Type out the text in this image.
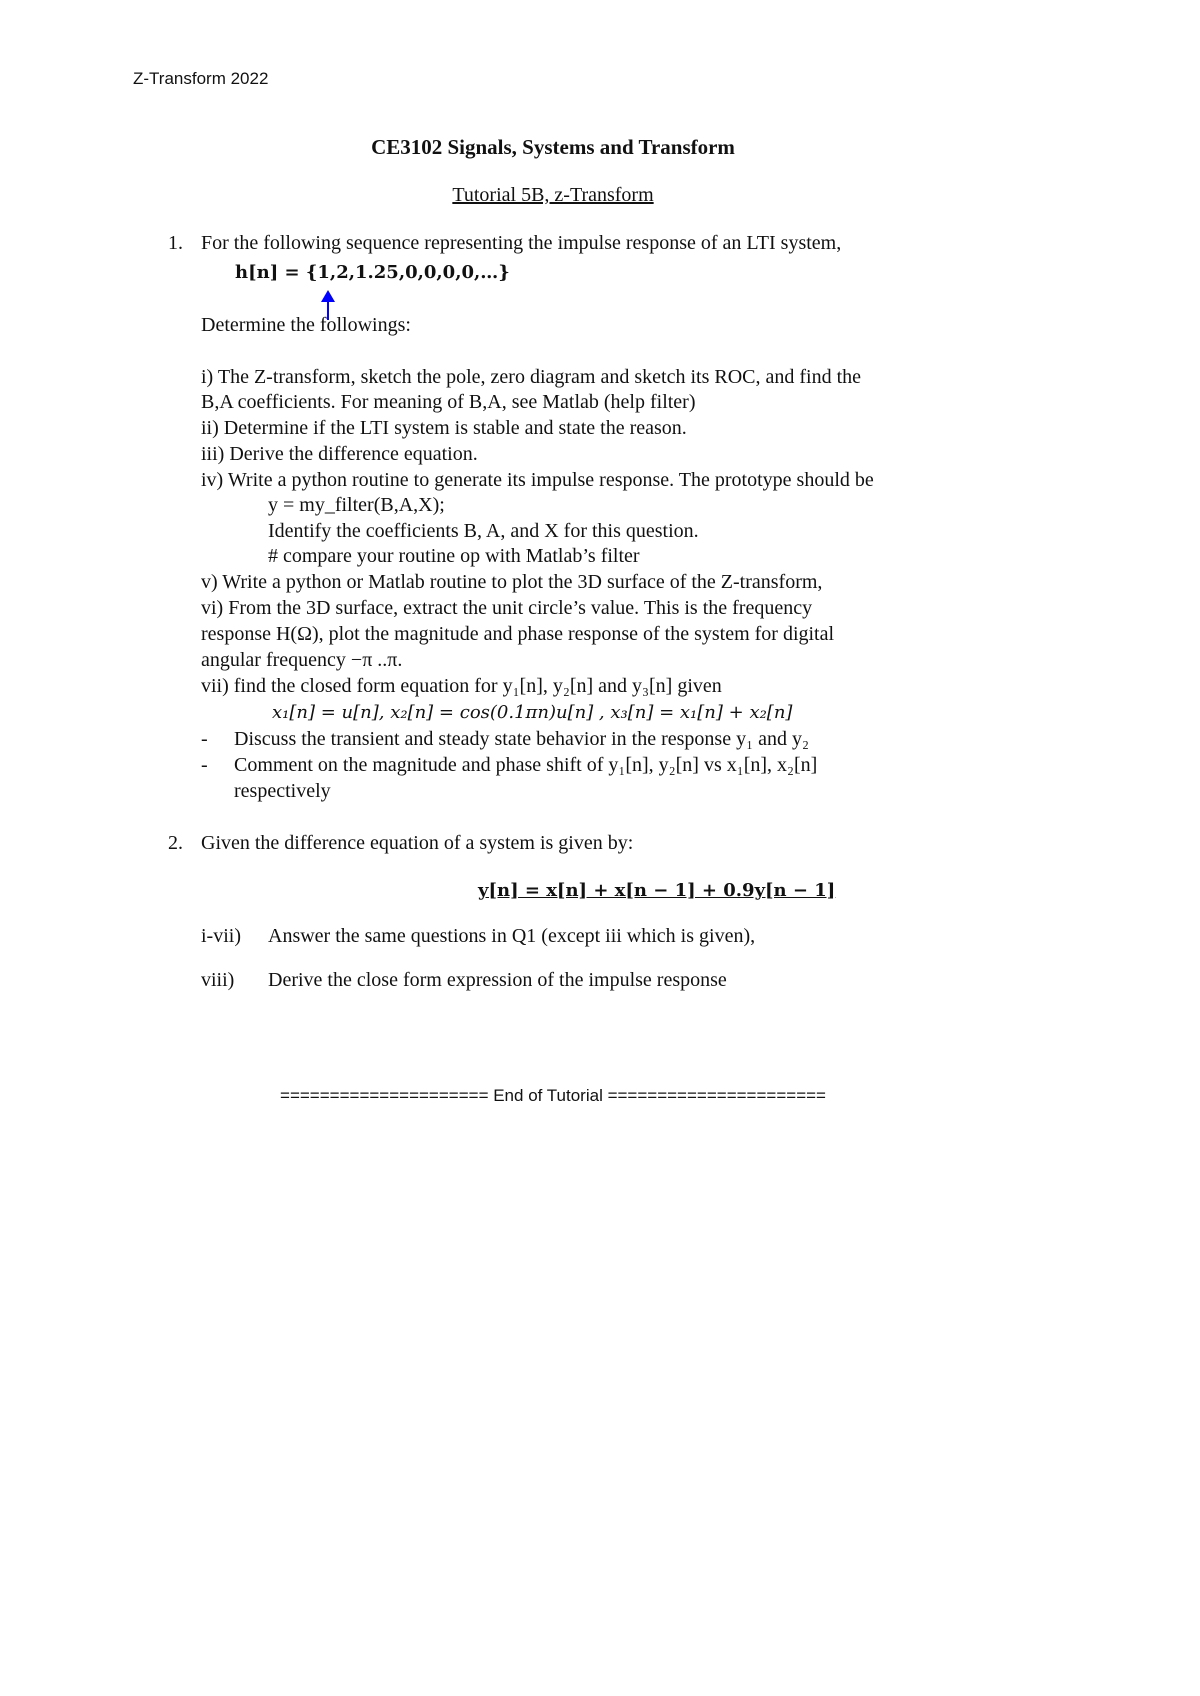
Z-Transform 2022
CE3102 Signals, Systems and Transform
Tutorial 5B, z-Transform
1. For the following sequence representing the impulse response of an LTI system,
h[n] = {1,2,1.25,0,0,0,0,…}
Determine the followings:
i) The Z-transform, sketch the pole, zero diagram and sketch its ROC, and find the
B,A coefficients. For meaning of B,A, see Matlab (help filter)
ii) Determine if the LTI system is stable and state the reason.
iii) Derive the difference equation.
iv) Write a python routine to generate its impulse response. The prototype should be
y = my_filter(B,A,X);
Identify the coefficients B, A, and X for this question.
# compare your routine op with Matlab’s filter
v) Write a python or Matlab routine to plot the 3D surface of the Z-transform,
vi) From the 3D surface, extract the unit circle’s value. This is the frequency
response H(Ω), plot the magnitude and phase response of the system for digital
angular frequency −π ..π.
vii) find the closed form equation for y₁[n], y₂[n] and y₃[n] given
x₁[n] = u[n], x₂[n] = cos(0.1πn)u[n] , x₃[n] = x₁[n] + x₂[n]
- Discuss the transient and steady state behavior in the response y₁ and y₂
- Comment on the magnitude and phase shift of y₁[n], y₂[n] vs x₁[n], x₂[n]
respectively
2. Given the difference equation of a system is given by:
y[n] = x[n] + x[n − 1] + 0.9y[n − 1]
i-vii) Answer the same questions in Q1 (except iii which is given),
viii) Derive the close form expression of the impulse response
===================== End of Tutorial ======================
